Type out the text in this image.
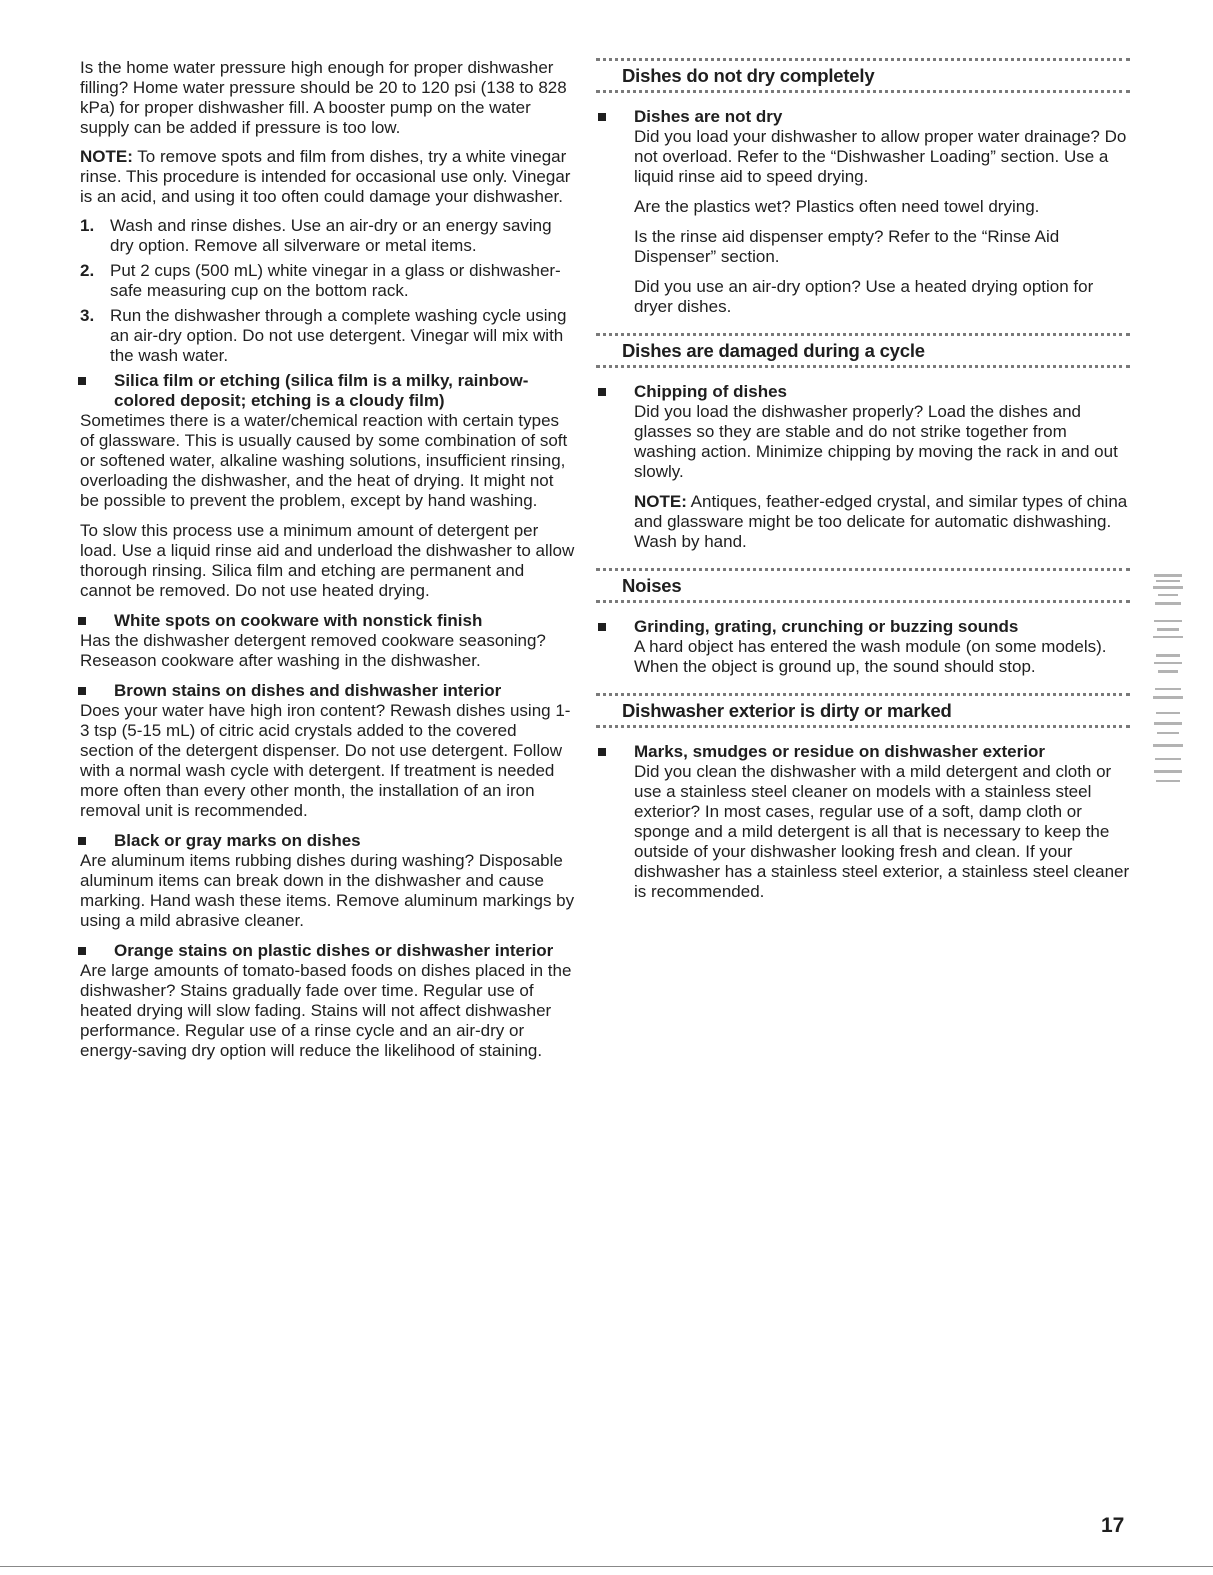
Is the home water pressure high enough for proper dishwasher filling? Home water pressure should be 20 to 120 psi (138 to 828 kPa) for proper dishwasher fill. A booster pump on the water supply can be added if pressure is too low.

NOTE: To remove spots and film from dishes, try a white vinegar rinse. This procedure is intended for occasional use only. Vinegar is an acid, and using it too often could damage your dishwasher.

1. Wash and rinse dishes. Use an air-dry or an energy saving dry option. Remove all silverware or metal items.
2. Put 2 cups (500 mL) white vinegar in a glass or dishwasher-safe measuring cup on the bottom rack.
3. Run the dishwasher through a complete washing cycle using an air-dry option. Do not use detergent. Vinegar will mix with the wash water.

Silica film or etching (silica film is a milky, rainbow-colored deposit; etching is a cloudy film)

Sometimes there is a water/chemical reaction with certain types of glassware. This is usually caused by some combination of soft or softened water, alkaline washing solutions, insufficient rinsing, overloading the dishwasher, and the heat of drying. It might not be possible to prevent the problem, except by hand washing.

To slow this process use a minimum amount of detergent per load. Use a liquid rinse aid and underload the dishwasher to allow thorough rinsing. Silica film and etching are permanent and cannot be removed. Do not use heated drying.

White spots on cookware with nonstick finish

Has the dishwasher detergent removed cookware seasoning? Reseason cookware after washing in the dishwasher.

Brown stains on dishes and dishwasher interior

Does your water have high iron content? Rewash dishes using 1-3 tsp (5-15 mL) of citric acid crystals added to the covered section of the detergent dispenser. Do not use detergent. Follow with a normal wash cycle with detergent. If treatment is needed more often than every other month, the installation of an iron removal unit is recommended.

Black or gray marks on dishes

Are aluminum items rubbing dishes during washing? Disposable aluminum items can break down in the dishwasher and cause marking. Hand wash these items. Remove aluminum markings by using a mild abrasive cleaner.

Orange stains on plastic dishes or dishwasher interior

Are large amounts of tomato-based foods on dishes placed in the dishwasher? Stains gradually fade over time. Regular use of heated drying will slow fading. Stains will not affect dishwasher performance. Regular use of a rinse cycle and an air-dry or energy-saving dry option will reduce the likelihood of staining.

Dishes do not dry completely

Dishes are not dry

Did you load your dishwasher to allow proper water drainage? Do not overload. Refer to the “Dishwasher Loading” section. Use a liquid rinse aid to speed drying.

Are the plastics wet? Plastics often need towel drying.

Is the rinse aid dispenser empty? Refer to the “Rinse Aid Dispenser” section.

Did you use an air-dry option? Use a heated drying option for dryer dishes.

Dishes are damaged during a cycle

Chipping of dishes

Did you load the dishwasher properly? Load the dishes and glasses so they are stable and do not strike together from washing action. Minimize chipping by moving the rack in and out slowly.

NOTE: Antiques, feather-edged crystal, and similar types of china and glassware might be too delicate for automatic dishwashing. Wash by hand.

Noises

Grinding, grating, crunching or buzzing sounds

A hard object has entered the wash module (on some models). When the object is ground up, the sound should stop.

Dishwasher exterior is dirty or marked

Marks, smudges or residue on dishwasher exterior

Did you clean the dishwasher with a mild detergent and cloth or use a stainless steel cleaner on models with a stainless steel exterior? In most cases, regular use of a soft, damp cloth or sponge and a mild detergent is all that is necessary to keep the outside of your dishwasher looking fresh and clean. If your dishwasher has a stainless steel exterior, a stainless steel cleaner is recommended.

17
